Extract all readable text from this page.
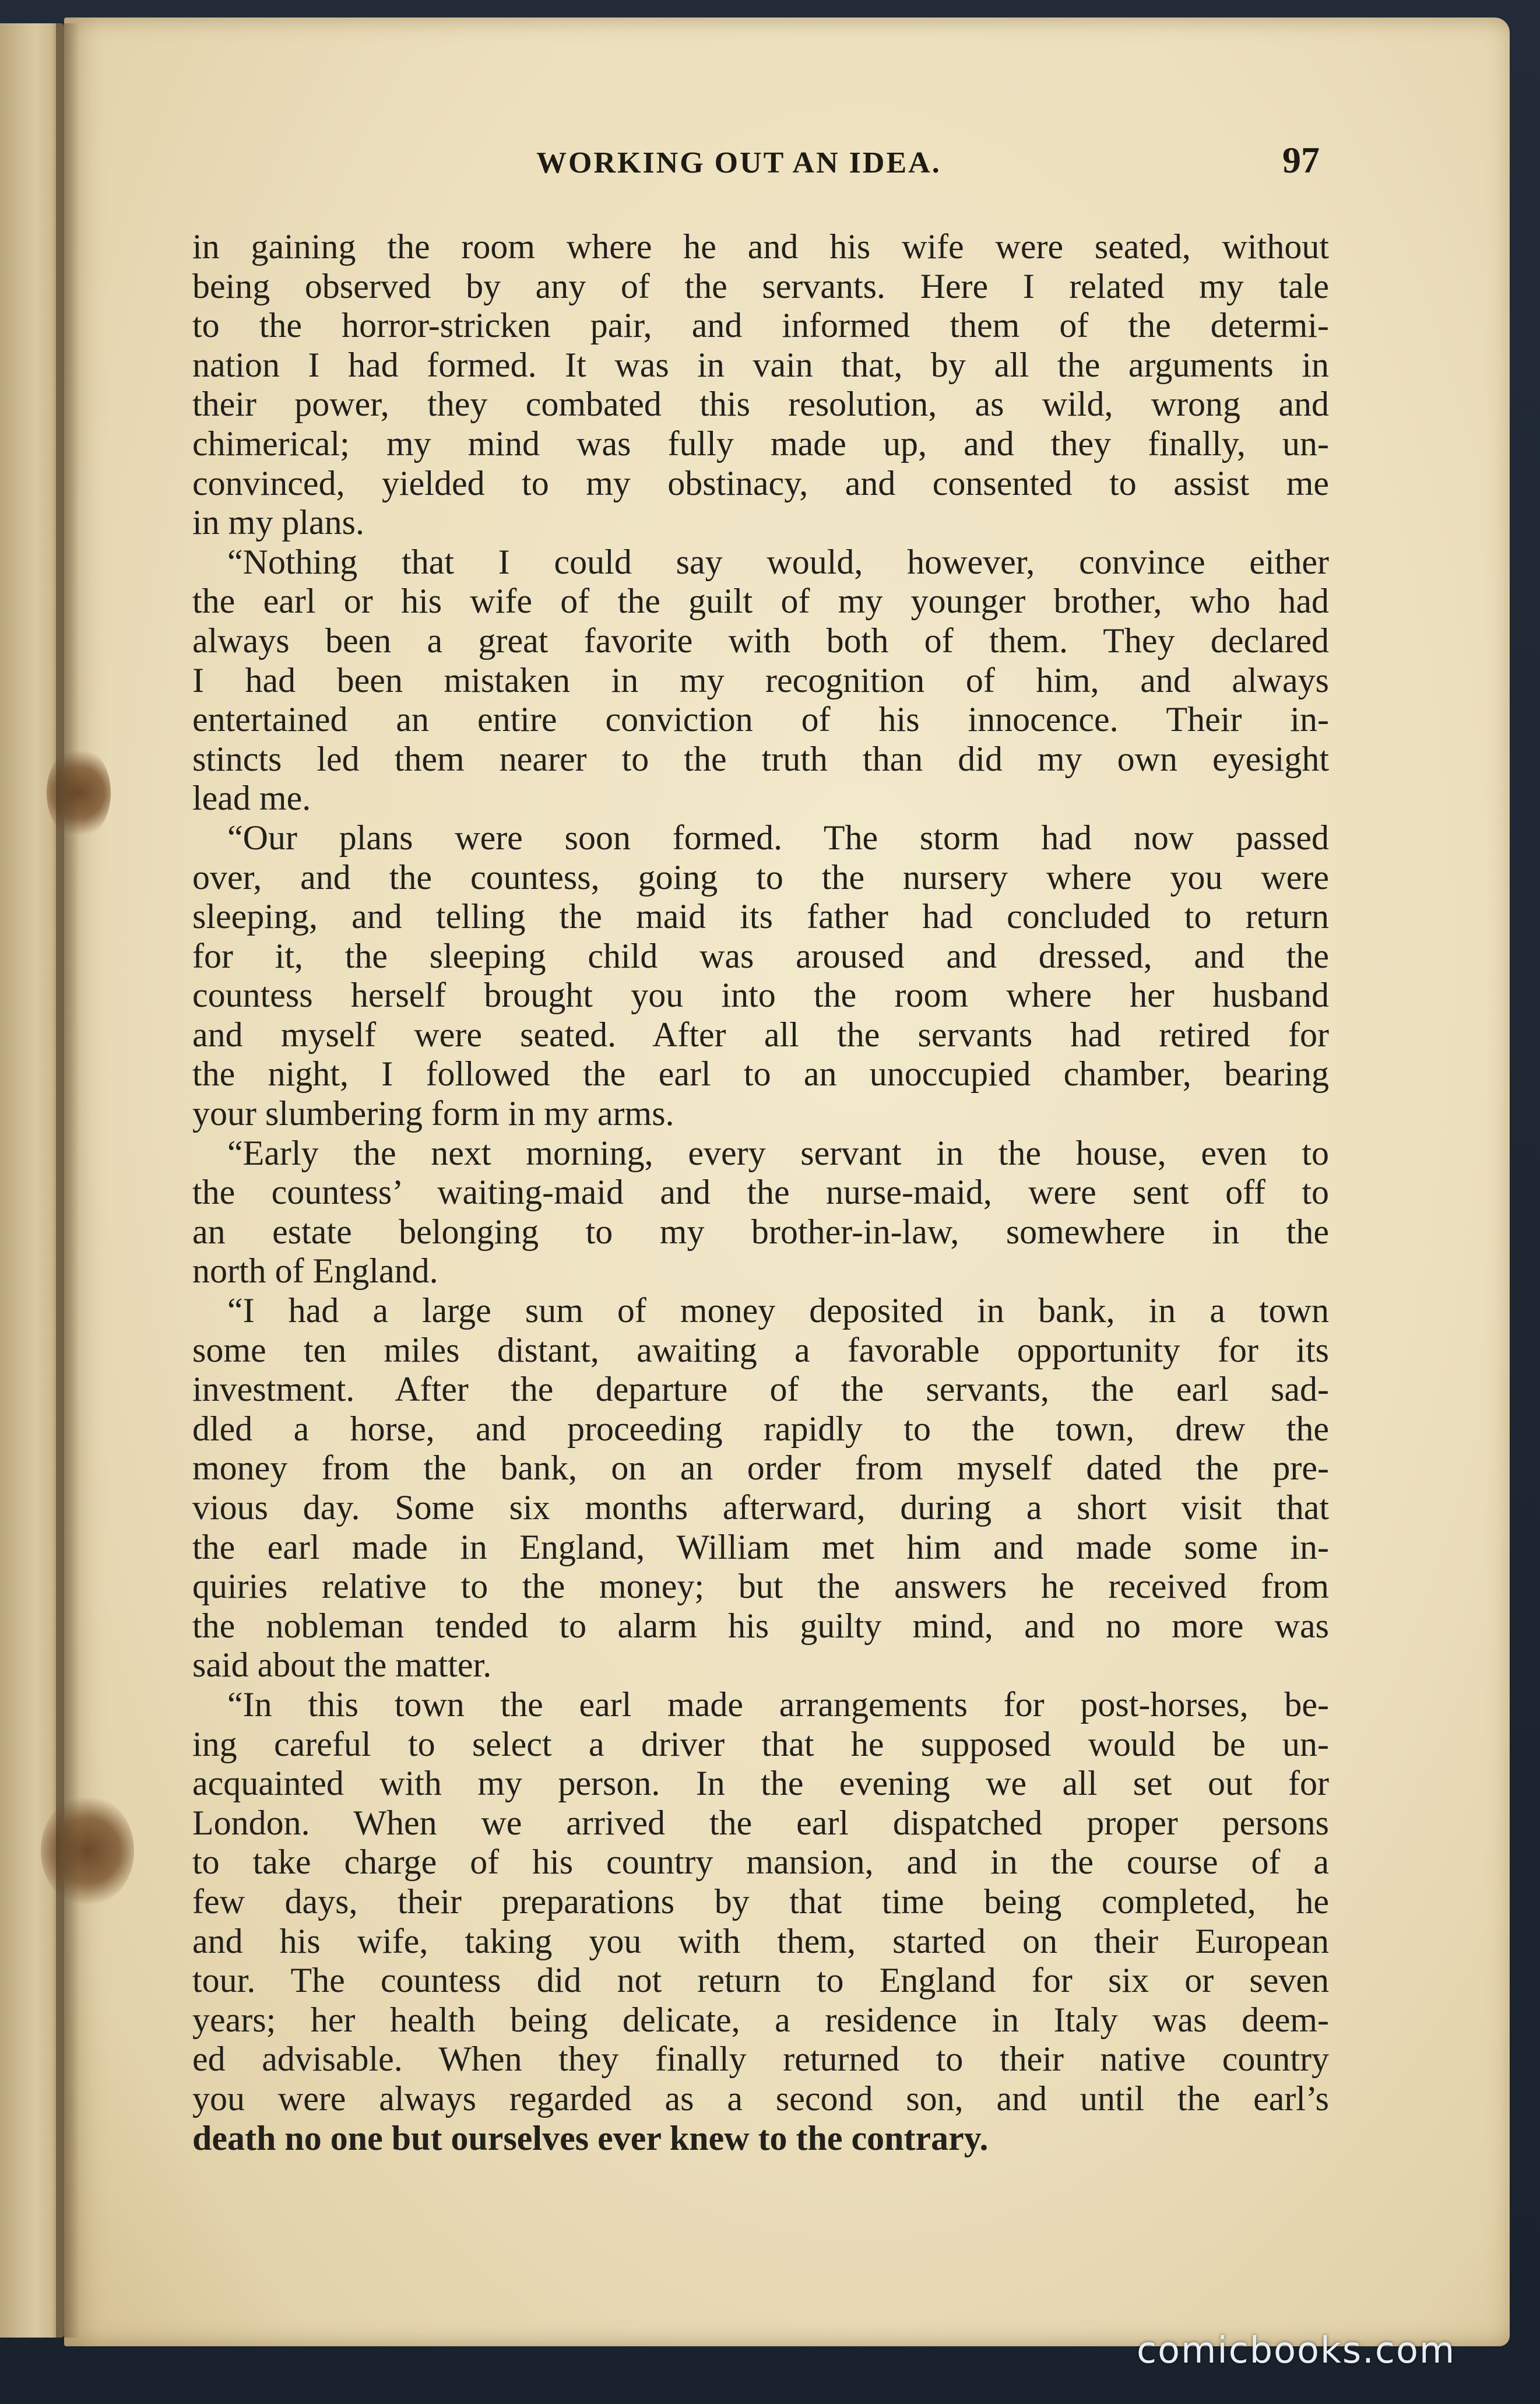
WORKING OUT AN IDEA.	97
in gaining the room where he and his wife were seated, without
being observed by any of the servants. Here I related my tale
to the horror-stricken pair, and informed them of the determi-
nation I had formed. It was in vain that, by all the arguments in
their power, they combated this resolution, as wild, wrong and
chimerical; my mind was fully made up, and they finally, un-
convinced, yielded to my obstinacy, and consented to assist me
in my plans.
“Nothing that I could say would, however, convince either
the earl or his wife of the guilt of my younger brother, who had
always been a great favorite with both of them. They declared
I had been mistaken in my recognition of him, and always
entertained an entire conviction of his innocence. Their in-
stincts led them nearer to the truth than did my own eyesight
lead me.
“Our plans were soon formed. The storm had now passed
over, and the countess, going to the nursery where you were
sleeping, and telling the maid its father had concluded to return
for it, the sleeping child was aroused and dressed, and the
countess herself brought you into the room where her husband
and myself were seated. After all the servants had retired for
the night, I followed the earl to an unoccupied chamber, bearing
your slumbering form in my arms.
“Early the next morning, every servant in the house, even to
the countess’ waiting-maid and the nurse-maid, were sent off to
an estate belonging to my brother-in-law, somewhere in the
north of England.
“I had a large sum of money deposited in bank, in a town
some ten miles distant, awaiting a favorable opportunity for its
investment. After the departure of the servants, the earl sad-
dled a horse, and proceeding rapidly to the town, drew the
money from the bank, on an order from myself dated the pre-
vious day. Some six months afterward, during a short visit that
the earl made in England, William met him and made some in-
quiries relative to the money; but the answers he received from
the nobleman tended to alarm his guilty mind, and no more was
said about the matter.
“In this town the earl made arrangements for post-horses, be-
ing careful to select a driver that he supposed would be un-
acquainted with my person. In the evening we all set out for
London. When we arrived the earl dispatched proper persons
to take charge of his country mansion, and in the course of a
few days, their preparations by that time being completed, he
and his wife, taking you with them, started on their European
tour. The countess did not return to England for six or seven
years; her health being delicate, a residence in Italy was deem-
ed advisable. When they finally returned to their native country
you were always regarded as a second son, and until the earl’s
death no one but ourselves ever knew to the contrary.
comicbooks.com
